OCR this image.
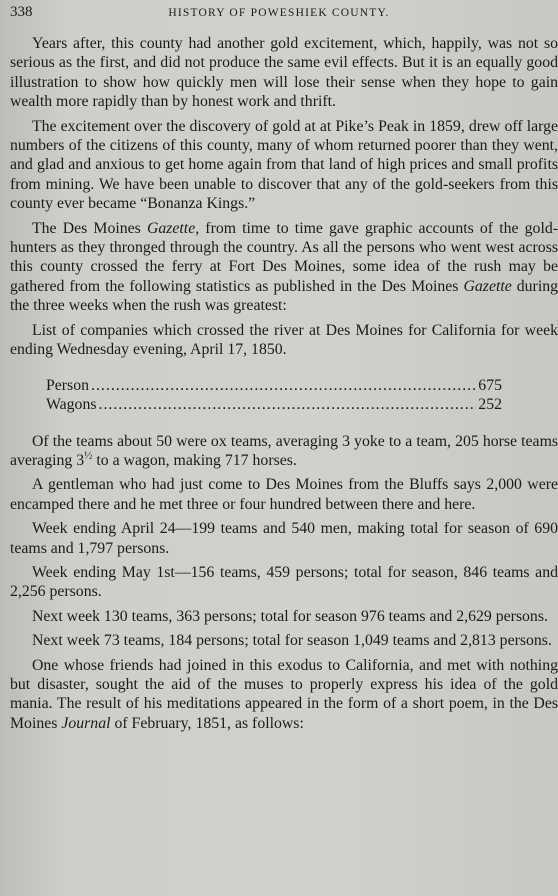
338	HISTORY OF POWESHIEK COUNTY.

Years after, this county had another gold excitement, which, happily, was not so serious as the first, and did not produce the same evil effects. But it is an equally good illustration to show how quickly men will lose their sense when they hope to gain wealth more rapidly than by honest work and thrift.

The excitement over the discovery of gold at at Pike’s Peak in 1859, drew off large numbers of the citizens of this county, many of whom returned poorer than they went, and glad and anxious to get home again from that land of high prices and small profits from mining. We have been unable to discover that any of the gold-seekers from this county ever became “Bonanza Kings.”

The Des Moines Gazette, from time to time gave graphic accounts of the gold-hunters as they thronged through the country. As all the persons who went west across this county crossed the ferry at Fort Des Moines, some idea of the rush may be gathered from the following statistics as published in the Des Moines Gazette during the three weeks when the rush was greatest:

List of companies which crossed the river at Des Moines for California for week ending Wednesday evening, April 17, 1850.

Person .....	675
Wagons .....	252

Of the teams about 50 were ox teams, averaging 3 yoke to a team, 205 horse teams averaging $3^{\frac{1}{2}}$ to a wagon, making 717 horses.

A gentleman who had just come to Des Moines from the Bluffs says 2,000 were encamped there and he met three or four hundred between there and here.

Week ending April 24—199 teams and 540 men, making total for season of 690 teams and 1,797 persons.

Week ending May 1st—156 teams, 459 persons; total for season, 846 teams and 2,256 persons.

Next week 130 teams, 363 persons; total for season 976 teams and 2,629 persons.

Next week 73 teams, 184 persons; total for season 1,049 teams and 2,813 persons.

One whose friends had joined in this exodus to California, and met with nothing but disaster, sought the aid of the muses to properly express his idea of the gold mania. The result of his meditations appeared in the form of a short poem, in the Des Moines Journal of February, 1851, as follows:
